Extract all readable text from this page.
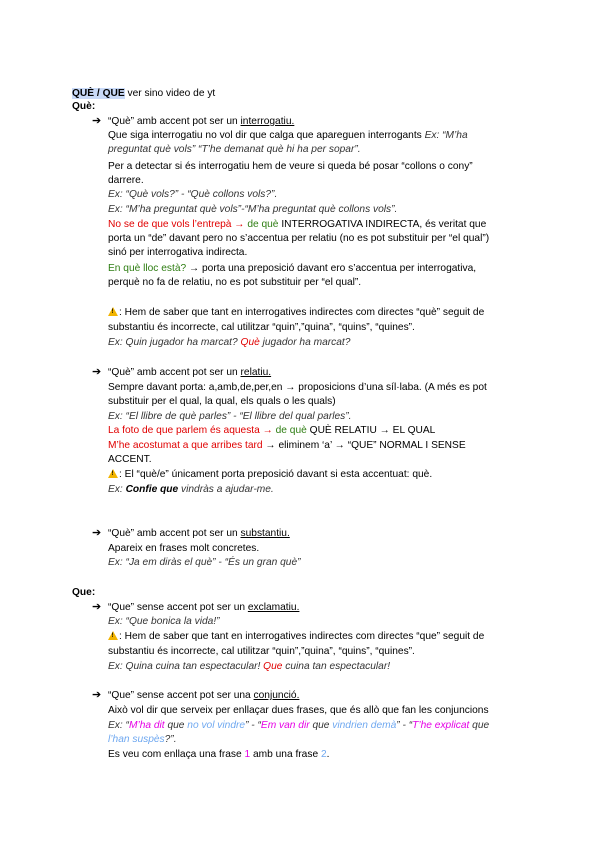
QUÈ / QUE ver sino video de yt
Què:
➔ “Què” amb accent pot ser un interrogatiu.
Que siga interrogatiu no vol dir que calga que apareguen interrogants Ex: “M’ha
preguntat què vols” “T’he demanat què hi ha per sopar”.
Per a detectar si és interrogatiu hem de veure si queda bé posar “collons o cony”
darrere.
Ex: “Què vols?” - “Què collons vols?”.
Ex: “M’ha preguntat què vols”-“M’ha preguntat què collons vols”.
No se de que vols l’entrepà → de què INTERROGATIVA INDIRECTA, és veritat que
porta un “de” davant pero no s’accentua per relatiu (no es pot substituir per “el qual”)
sinó per interrogativa indirecta.
En què lloc està? → porta una preposició davant ero s’accentua per interrogativa,
perquè no fa de relatiu, no es pot substituir per “el qual”.
!: Hem de saber que tant en interrogatives indirectes com directes “què” seguit de
substantiu és incorrecte, cal utilitzar “quin”,”quina”, “quins”, “quines”.
Ex: Quin jugador ha marcat? Què jugador ha marcat?
➔ “Què” amb accent pot ser un relatiu.
Sempre davant porta: a,amb,de,per,en → proposicions d’una síl·laba. (A més es pot
substituir per el qual, la qual, els quals o les quals)
Ex: “El llibre de què parles” - “El llibre del qual parles”.
La foto de que parlem és aquesta → de què QUÈ RELATIU → EL QUAL
M’he acostumat a que arribes tard → eliminem ‘a’ → “QUE” NORMAL I SENSE
ACCENT.
!: El “què/e” únicament porta preposició davant si esta accentuat: què.
Ex: Confie que vindràs a ajudar-me.
➔ “Què” amb accent pot ser un substantiu.
Apareix en frases molt concretes.
Ex: “Ja em diràs el què” - “És un gran què”
Que:
➔ “Que” sense accent pot ser un exclamatiu.
Ex: “Que bonica la vida!”
!: Hem de saber que tant en interrogatives indirectes com directes “que” seguit de
substantiu és incorrecte, cal utilitzar “quin”,”quina”, “quins”, “quines”.
Ex: Quina cuina tan espectacular! Que cuina tan espectacular!
➔ “Que” sense accent pot ser una conjunció.
Això vol dir que serveix per enllaçar dues frases, que és allò que fan les conjuncions
Ex: “M’ha dit que no vol vindre” - “Em van dir que vindrien demà” - “T’he explicat que
l’han suspès?”.
Es veu com enllaça una frase 1 amb una frase 2.
